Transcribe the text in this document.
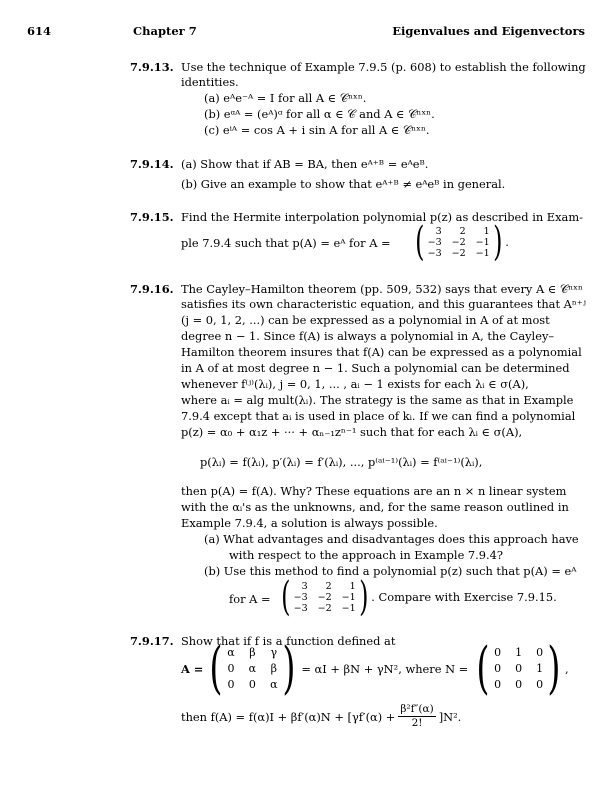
614	Chapter 7	Eigenvalues and Eigenvectors
7.9.13. Use the technique of Example 7.9.5 (p. 608) to establish the following
identities.
(a) eᴬe⁻ᴬ = I for all A ∈ 𝒞ⁿˣⁿ.
(b) eᵅᴬ = (eᴬ)ᵅ for all α ∈ 𝒞 and A ∈ 𝒞ⁿˣⁿ.
(c) eⁱᴬ = cos A + i sin A for all A ∈ 𝒞ⁿˣⁿ.
7.9.14. (a) Show that if AB = BA, then eᴬ⁺ᴮ = eᴬeᴮ.
(b) Give an example to show that eᴬ⁺ᴮ ≠ eᴬeᴮ in general.
7.9.15. Find the Hermite interpolation polynomial p(z) as described in Exam-
ple 7.9.4 such that p(A) = eᴬ for A = (	3	2	1
−3 −2 −1
−3 −2 −1 ) .
7.9.16. The Cayley–Hamilton theorem (pp. 509, 532) says that every A ∈ 𝒞ⁿˣⁿ
satisfies its own characteristic equation, and this guarantees that Aⁿ⁺ʲ
(j = 0, 1, 2, ...) can be expressed as a polynomial in A of at most
degree n − 1. Since f(A) is always a polynomial in A, the Cayley–
Hamilton theorem insures that f(A) can be expressed as a polynomial
in A of at most degree n − 1. Such a polynomial can be determined
whenever f⁽ʲ⁾(λᵢ), j = 0, 1, ... , aᵢ − 1 exists for each λᵢ ∈ σ(A),
where aᵢ = alg mult(λᵢ). The strategy is the same as that in Example
7.9.4 except that aᵢ is used in place of kᵢ. If we can find a polynomial
p(z) = α₀ + α₁z + ··· + αₙ₋₁zⁿ⁻¹ such that for each λᵢ ∈ σ(A),
p(λᵢ) = f(λᵢ), p′(λᵢ) = f′(λᵢ), ..., p⁽ᵃⁱ⁻¹⁾(λᵢ) = f⁽ᵃⁱ⁻¹⁾(λᵢ),
then p(A) = f(A). Why? These equations are an n × n linear system
with the αᵢ's as the unknowns, and, for the same reason outlined in
Example 7.9.4, a solution is always possible.
(a) What advantages and disadvantages does this approach have
with respect to the approach in Example 7.9.4?
(b) Use this method to find a polynomial p(z) such that p(A) = eᴬ
for A = (	3	2	1
−3 −2 −1
−3 −2 −1 ) . Compare with Exercise 7.9.15.
7.9.17. Show that if f is a function defined at
A = ( α β γ
0 α β
0 0 α ) = αI + βN + γN², where N = ( 0 1 0
0 0 1
0 0 0 ) ,
then $f(A) = f(\alpha)I + \beta f'(\alpha)N + [\gamma f'(\alpha) + \frac{\text{β²f″(α)}}{2!} ]N^2$.
